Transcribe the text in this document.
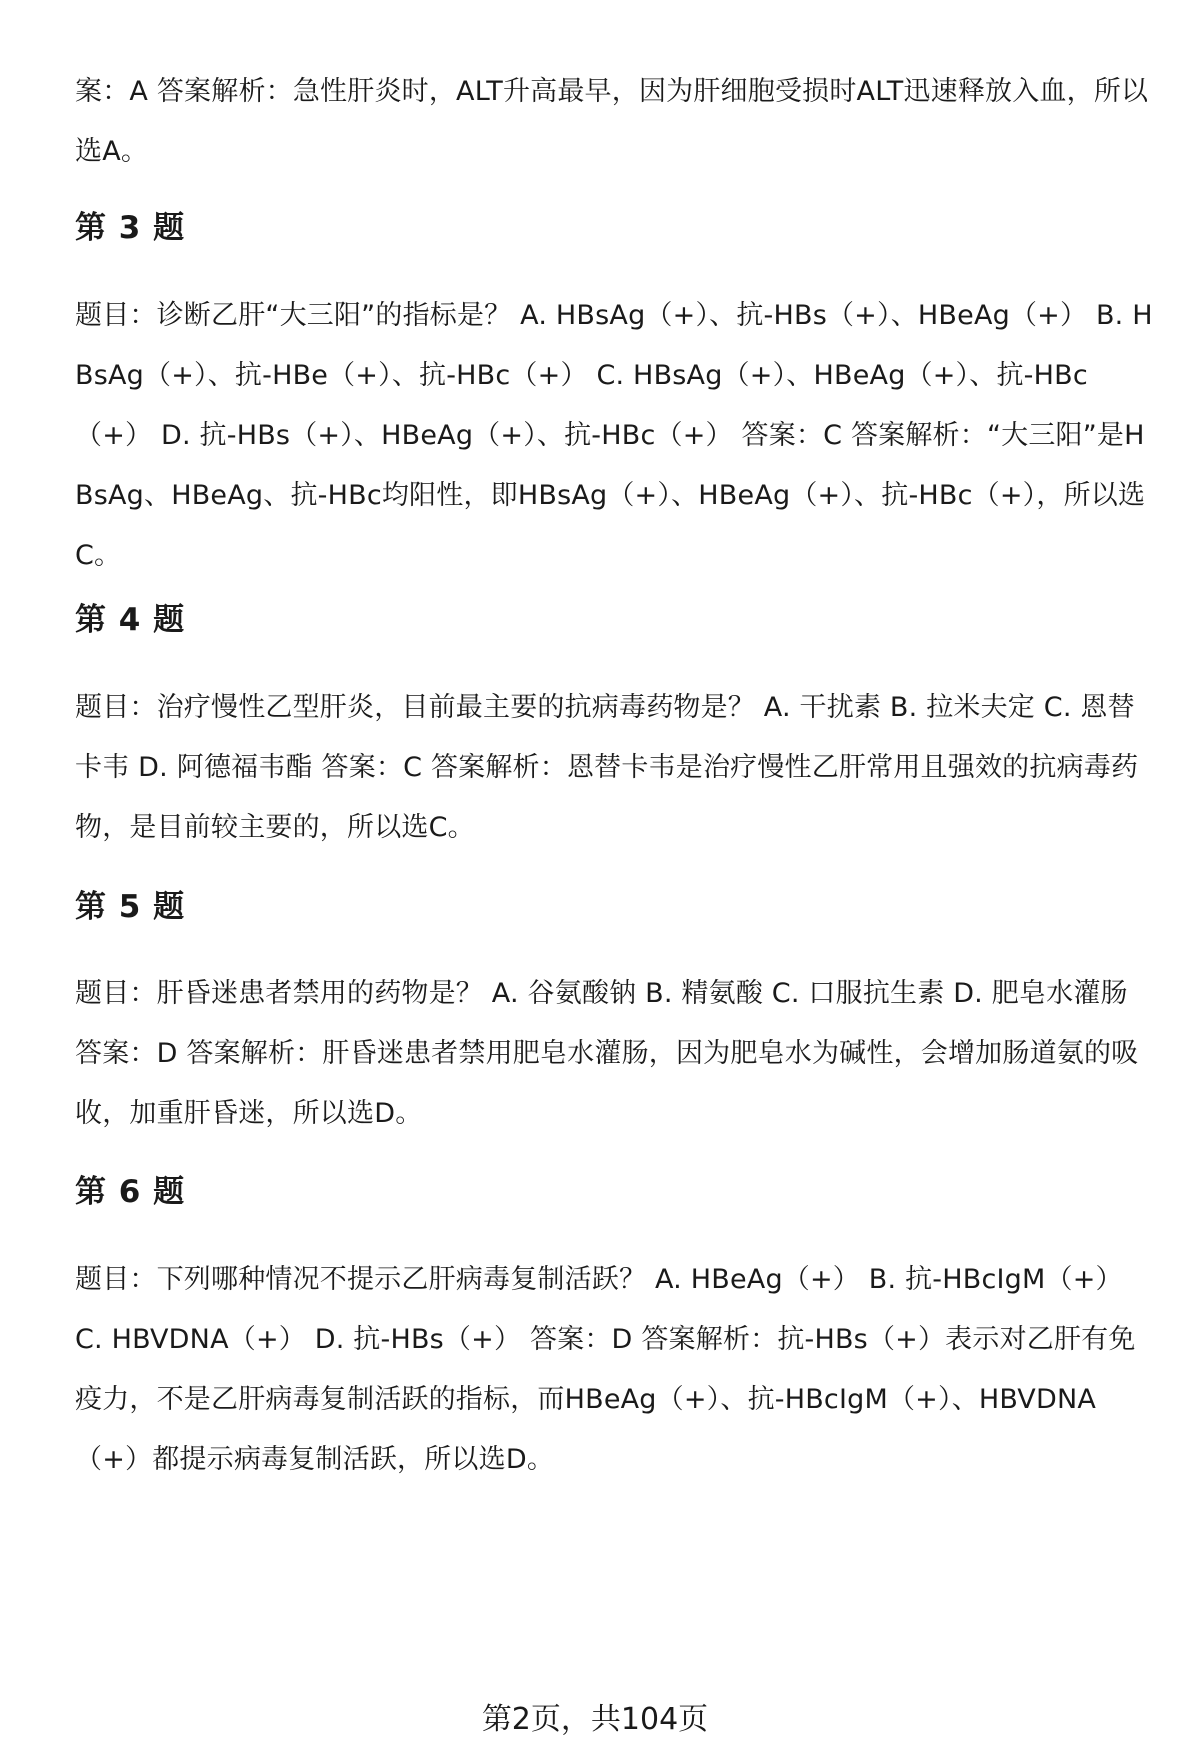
案：A 答案解析：急性肝炎时，ALT升高最早，因为肝细胞受损时ALT迅速释放入血，所以选A。
第 3 题
题目：诊断乙肝“大三阳”的指标是？ A. HBsAg（+）、抗-HBs（+）、HBeAg（+） B. HBsAg（+）、抗-HBe（+）、抗-HBc（+） C. HBsAg（+）、HBeAg（+）、抗-HBc（+） D. 抗-HBs（+）、HBeAg（+）、抗-HBc（+） 答案：C 答案解析：“大三阳”是HBsAg、HBeAg、抗-HBc均阳性，即HBsAg（+）、HBeAg（+）、抗-HBc（+），所以选C。
第 4 题
题目：治疗慢性乙型肝炎，目前最主要的抗病毒药物是？ A. 干扰素 B. 拉米夫定 C. 恩替卡韦 D. 阿德福韦酯 答案：C 答案解析：恩替卡韦是治疗慢性乙肝常用且强效的抗病毒药物，是目前较主要的，所以选C。
第 5 题
题目：肝昏迷患者禁用的药物是？ A. 谷氨酸钠 B. 精氨酸 C. 口服抗生素 D. 肥皂水灌肠 答案：D 答案解析：肝昏迷患者禁用肥皂水灌肠，因为肥皂水为碱性，会增加肠道氨的吸收，加重肝昏迷，所以选D。
第 6 题
题目：下列哪种情况不提示乙肝病毒复制活跃？ A. HBeAg（+） B. 抗-HBcIgM（+） C. HBVDNA（+） D. 抗-HBs（+） 答案：D 答案解析：抗-HBs（+）表示对乙肝有免疫力，不是乙肝病毒复制活跃的指标，而HBeAg（+）、抗-HBcIgM（+）、HBVDNA（+）都提示病毒复制活跃，所以选D。
第2页，共104页
